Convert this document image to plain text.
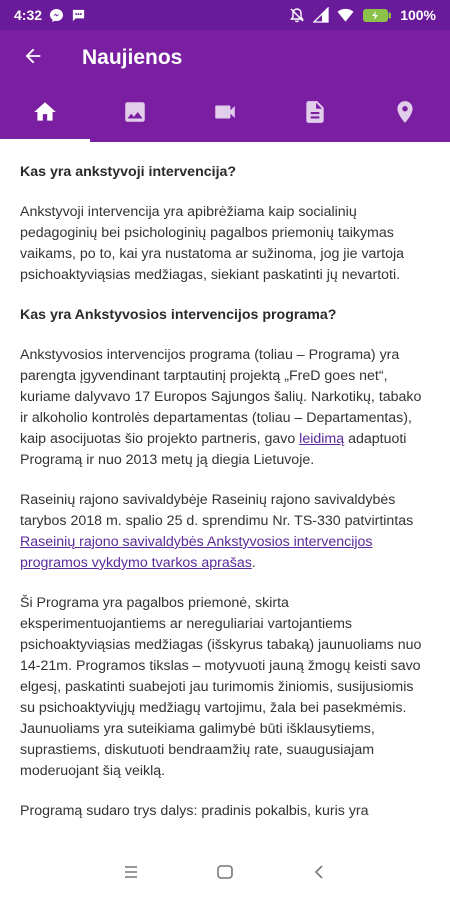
4:32	100%
Naujienos
Kas yra ankstyvoji intervencija?

Ankstyvoji intervencija yra apibrėžiama kaip socialinių pedagoginių bei psichologinių pagalbos priemonių taikymas vaikams, po to, kai yra nustatoma ar sužinoma, jog jie vartoja psichoaktyviąsias medžiagas, siekiant paskatinti jų nevartoti.

Kas yra Ankstyvosios intervencijos programa?

Ankstyvosios intervencijos programa (toliau – Programa) yra parengta įgyvendinant tarptautinį projektą „FreD goes net“, kuriame dalyvavo 17 Europos Sąjungos šalių. Narkotikų, tabako ir alkoholio kontrolės departamentas (toliau – Departamentas), kaip asocijuotas šio projekto partneris, gavo leidimą adaptuoti Programą ir nuo 2013 metų ją diegia Lietuvoje.

Raseinių rajono savivaldybėje Raseinių rajono savivaldybės tarybos 2018 m. spalio 25 d. sprendimu Nr. TS-330 patvirtintas Raseinių rajono savivaldybės Ankstyvosios intervencijos programos vykdymo tvarkos aprašas.

Ši Programa yra pagalbos priemonė, skirta eksperimentuojantiems ar nereguliariai vartojantiems psichoaktyviąsias medžiagas (išskyrus tabaką) jaunuoliams nuo 14-21m. Programos tikslas – motyvuoti jauną žmogų keisti savo elgesį, paskatinti suabejoti jau turimomis žiniomis, susijusiomis su psichoaktyviųjų medžiagų vartojimu, žala bei pasekmėmis. Jaunuoliams yra suteikiama galimybė būti išklausytiems, suprastiems, diskutuoti bendraamžių rate, suaugusiajam moderuojant šią veiklą.

Programą sudaro trys dalys: pradinis pokalbis, kuris yra
